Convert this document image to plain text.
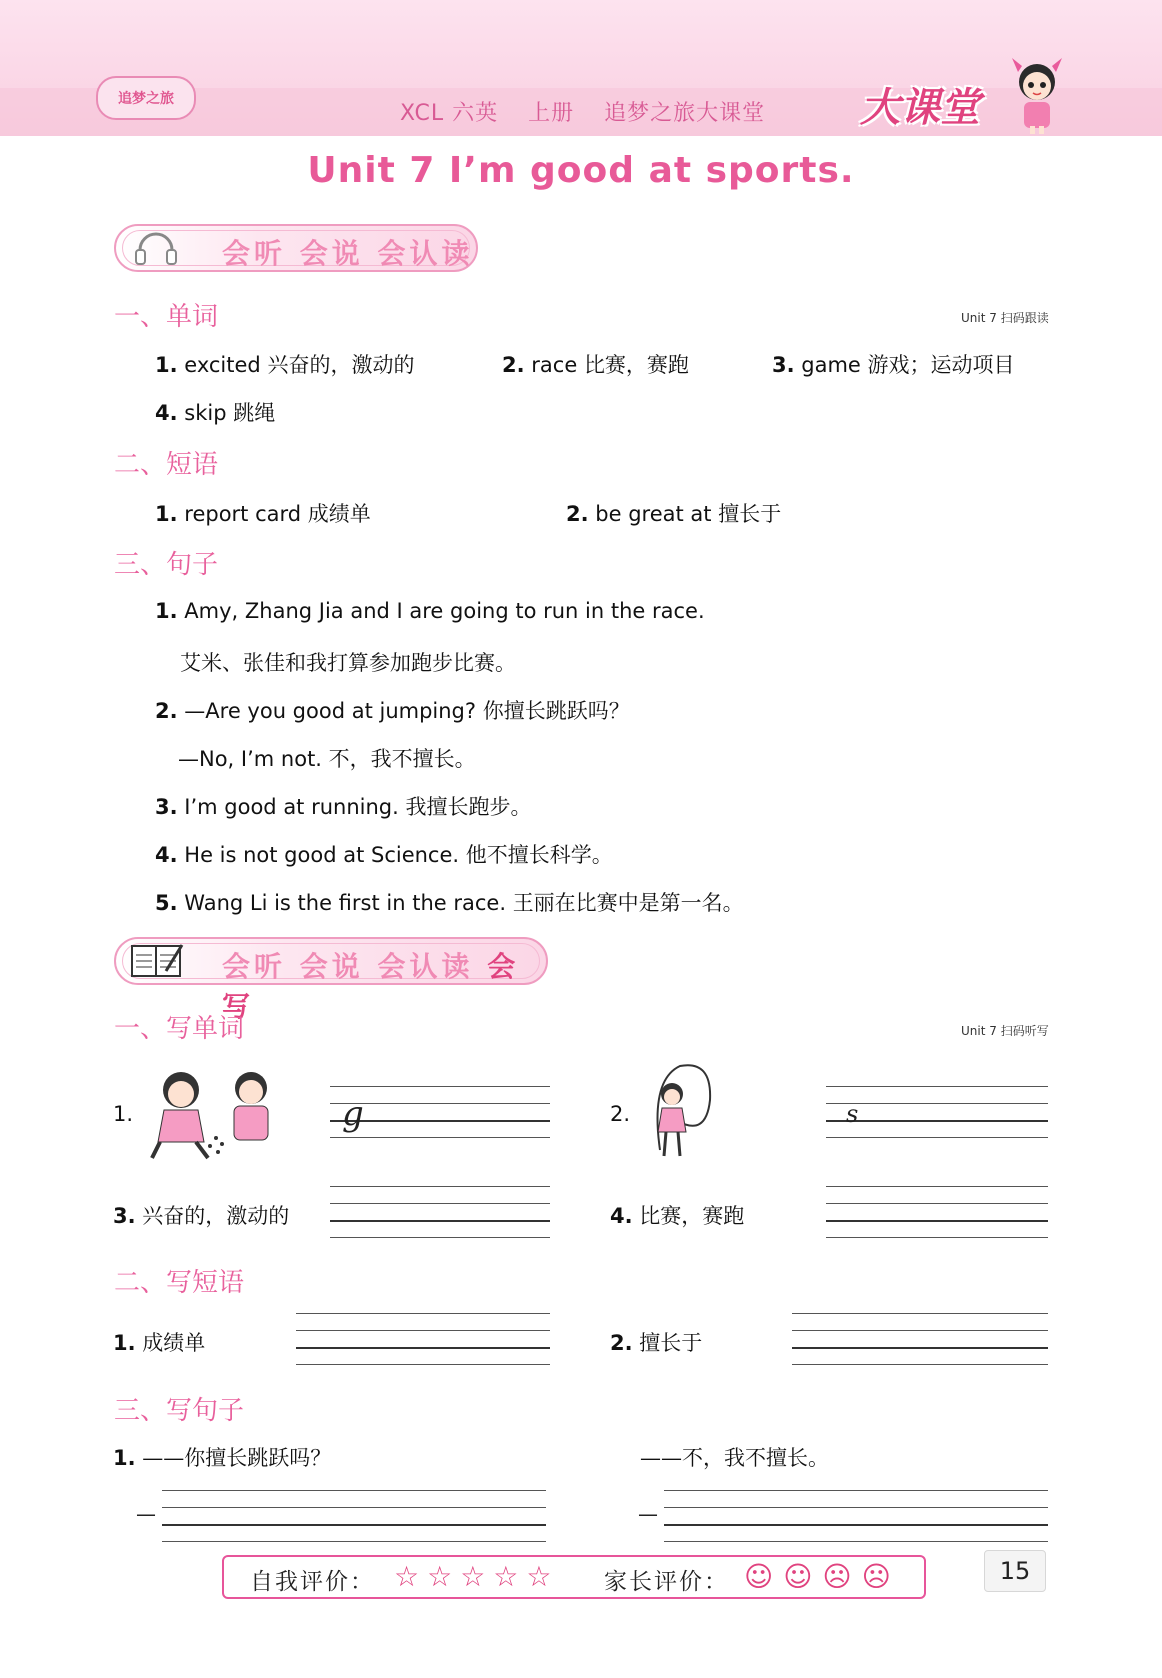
追梦之旅
XCL 六英 上册 追梦之旅大课堂	大课堂
Unit 7 I’m good at sports.
会听 会说 会认读
一、单词	Unit 7 扫码跟读
1. excited 兴奋的，激动的	2. race 比赛，赛跑	3. game 游戏；运动项目
4. skip 跳绳
二、短语
1. report card 成绩单	2. be great at 擅长于
三、句子
1. Amy, Zhang Jia and I are going to run in the race.
艾米、张佳和我打算参加跑步比赛。
2. —Are you good at jumping? 你擅长跳跃吗？
—No, I’m not. 不，我不擅长。
3. I’m good at running. 我擅长跑步。
4. He is not good at Science. 他不擅长科学。
5. Wang Li is the first in the race. 王丽在比赛中是第一名。
会听 会说 会认读 会写
一、写单词	Unit 7 扫码听写
1.	g	2.	s
3. 兴奋的，激动的	4. 比赛，赛跑
二、写短语
1. 成绩单	2. 擅长于
三、写句子
1. ——你擅长跳跃吗？	——不，我不擅长。
—	—
自我评价： ☆☆☆☆☆ 家长评价： ☺☺☹☹	15
